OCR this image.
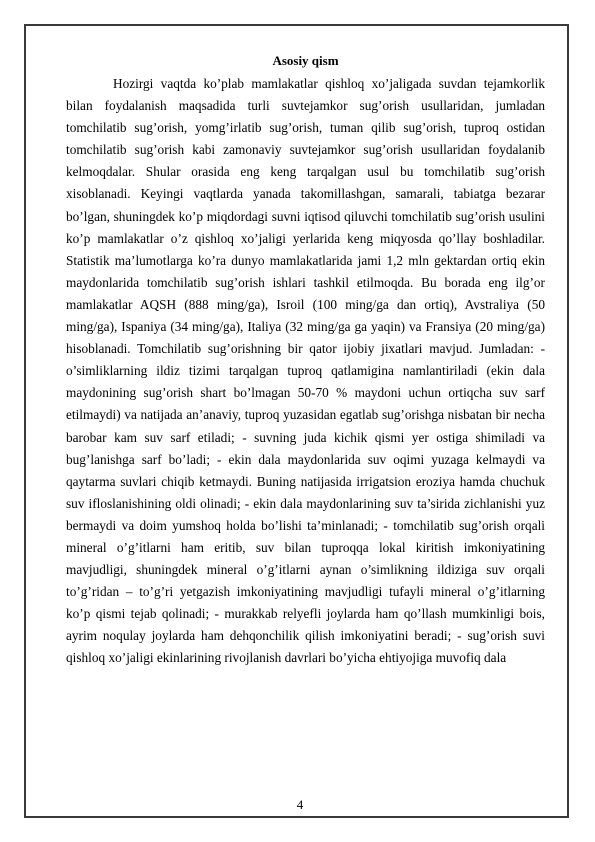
Asosiy qism

Hozirgi vaqtda ko’plab mamlakatlar qishloq xo’jaligada suvdan tejamkorlik bilan foydalanish maqsadida turli suvtejamkor sug’orish usullaridan, jumladan tomchilatib sug’orish, yomg’irlatib sug’orish, tuman qilib sug’orish, tuproq ostidan tomchilatib sug’orish kabi zamonaviy suvtejamkor sug’orish usullaridan foydalanib kelmoqdalar. Shular orasida eng keng tarqalgan usul bu tomchilatib sug’orish xisoblanadi. Keyingi vaqtlarda yanada takomillashgan, samarali, tabiatga bezarar bo’lgan, shuningdek ko’p miqdordagi suvni iqtisod qiluvchi tomchilatib sug’orish usulini ko’p mamlakatlar o’z qishloq xo’jaligi yerlarida keng miqyosda qo’llay boshladilar. Statistik ma’lumotlarga ko’ra dunyo mamlakatlarida jami 1,2 mln gektardan ortiq ekin maydonlarida tomchilatib sug’orish ishlari tashkil etilmoqda. Bu borada eng ilg’or mamlakatlar AQSH (888 ming/ga), Isroil (100 ming/ga dan ortiq), Avstraliya (50 ming/ga), Ispaniya (34 ming/ga), Italiya (32 ming/ga ga yaqin) va Fransiya (20 ming/ga) hisoblanadi. Tomchilatib sug’orishning bir qator ijobiy jixatlari mavjud. Jumladan: - o’simliklarning ildiz tizimi tarqalgan tuproq qatlamigina namlantiriladi (ekin dala maydonining sug’orish shart bo’lmagan 50-70 % maydoni uchun ortiqcha suv sarf etilmaydi) va natijada an’anaviy, tuproq yuzasidan egatlab sug’orishga nisbatan bir necha barobar kam suv sarf etiladi; - suvning juda kichik qismi yer ostiga shimiladi va bug’lanishga sarf bo’ladi; - ekin dala maydonlarida suv oqimi yuzaga kelmaydi va qaytarma suvlari chiqib ketmaydi. Buning natijasida irrigatsion eroziya hamda chuchuk suv ifloslanishining oldi olinadi; - ekin dala maydonlarining suv ta’sirida zichlanishi yuz bermaydi va doim yumshoq holda bo’lishi ta’minlanadi; - tomchilatib sug’orish orqali mineral o’g’itlarni ham eritib, suv bilan tuproqqa lokal kiritish imkoniyatining mavjudligi, shuningdek mineral o’g’itlarni aynan o’simlikning ildiziga suv orqali to’g’ridan – to’g’ri yetgazish imkoniyatining mavjudligi tufayli mineral o’g’itlarning ko’p qismi tejab qolinadi; - murakkab relyefli joylarda ham qo’llash mumkinligi bois, ayrim noqulay joylarda ham dehqonchilik qilish imkoniyatini beradi; - sug’orish suvi qishloq xo’jaligi ekinlarining rivojlanish davrlari bo’yicha ehtiyojiga muvofiq dala

4
